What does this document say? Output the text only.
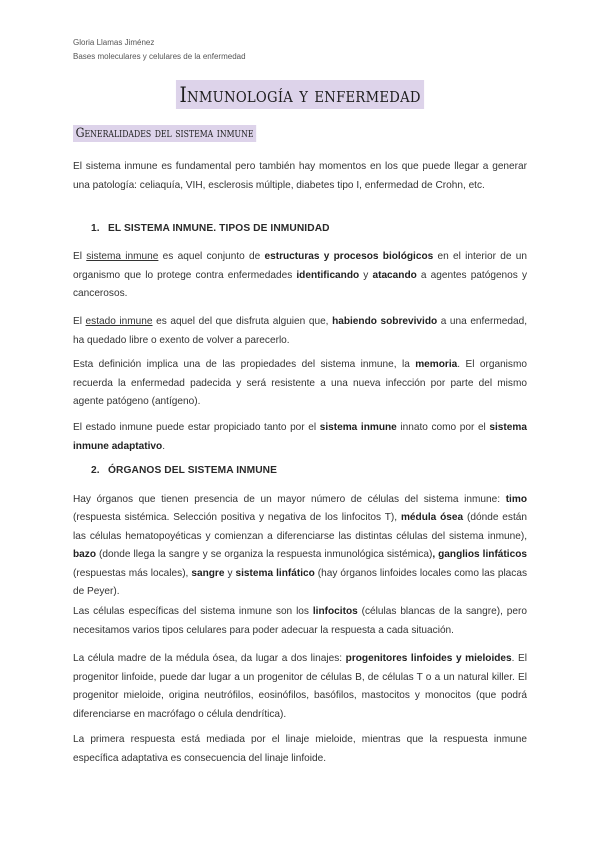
Gloria Llamas Jiménez
Bases moleculares y celulares de la enfermedad
Inmunología y enfermedad
Generalidades del sistema inmune

El sistema inmune es fundamental pero también hay momentos en los que puede llegar a generar una patología: celiaquía, VIH, esclerosis múltiple, diabetes tipo I, enfermedad de Crohn, etc.

1. EL SISTEMA INMUNE. TIPOS DE INMUNIDAD

El sistema inmune es aquel conjunto de estructuras y procesos biológicos en el interior de un organismo que lo protege contra enfermedades identificando y atacando a agentes patógenos y cancerosos.

El estado inmune es aquel del que disfruta alguien que, habiendo sobrevivido a una enfermedad, ha quedado libre o exento de volver a parecerlo.

Esta definición implica una de las propiedades del sistema inmune, la memoria. El organismo recuerda la enfermedad padecida y será resistente a una nueva infección por parte del mismo agente patógeno (antígeno).

El estado inmune puede estar propiciado tanto por el sistema inmune innato como por el sistema inmune adaptativo.

2. ÓRGANOS DEL SISTEMA INMUNE

Hay órganos que tienen presencia de un mayor número de células del sistema inmune: timo (respuesta sistémica. Selección positiva y negativa de los linfocitos T), médula ósea (dónde están las células hematopoyéticas y comienzan a diferenciarse las distintas células del sistema inmune), bazo (donde llega la sangre y se organiza la respuesta inmunológica sistémica), ganglios linfáticos (respuestas más locales), sangre y sistema linfático (hay órganos linfoides locales como las placas de Peyer).

Las células específicas del sistema inmune son los linfocitos (células blancas de la sangre), pero necesitamos varios tipos celulares para poder adecuar la respuesta a cada situación.

La célula madre de la médula ósea, da lugar a dos linajes: progenitores linfoides y mieloides. El progenitor linfoide, puede dar lugar a un progenitor de células B, de células T o a un natural killer. El progenitor mieloide, origina neutrófilos, eosinófilos, basófilos, mastocitos y monocitos (que podrá diferenciarse en macrófago o célula dendrítica).

La primera respuesta está mediada por el linaje mieloide, mientras que la respuesta inmune específica adaptativa es consecuencia del linaje linfoide.
